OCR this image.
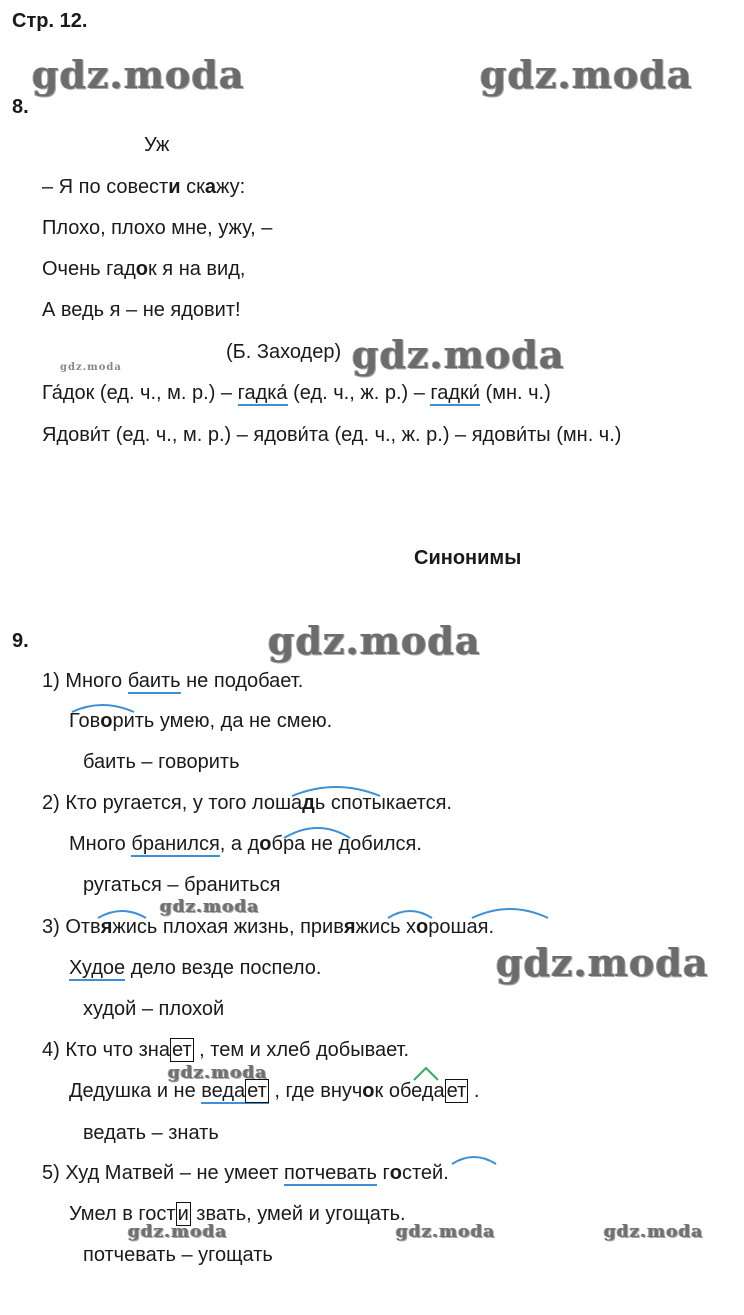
Стр. 12.
gdz.moda	gdz.moda
gdz.moda
gdz.moda
gdz.moda
gdz.moda
gdz.moda
gdz.moda
gdz.moda	gdz.moda	gdz.moda
8.
Уж
– Я по совести скажу:
Плохо, плохо мне, ужу, –
Очень гадок я на вид,
А ведь я – не ядовит!
(Б. Заходер)
Га́док (ед. ч., м. р.) – гадка́ (ед. ч., ж. р.) – гадки́ (мн. ч.)
Ядови́т (ед. ч., м. р.) – ядови́та (ед. ч., ж. р.) – ядови́ты (мн. ч.)
Синонимы
9.
1) Много баить не подобает.
Говорить умею, да не смею.
баить – говорить
2) Кто ругается, у того лошадь спотыкается.
Много бранился, а добра не добился.
ругаться – браниться
3) Отвяжись плохая жизнь, привяжись хорошая.
Худое дело везде поспело.
худой – плохой
4) Кто что зна ет , тем и хлеб добывает.
Дедушка и не веда ет , где внучок обеда ет .
ведать – знать
5) Худ Матвей – не умеет потчевать гостей.
Умел в гост и звать, умей и угощать.
потчевать – угощать
